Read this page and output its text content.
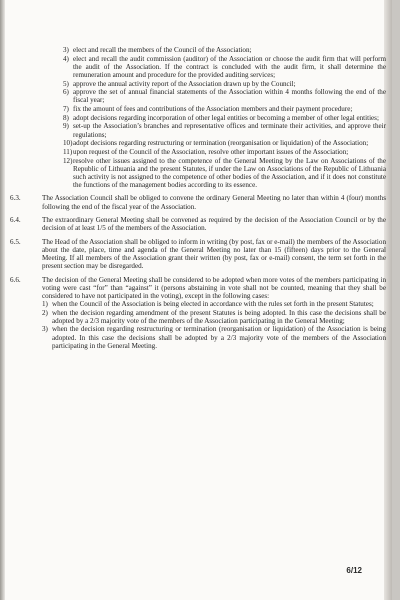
3) elect and recall the members of the Council of the Association;
4) elect and recall the audit commission (auditor) of the Association or choose the audit firm that will perform the audit of the Association. If the contract is concluded with the audit firm, it shall determine the remuneration amount and procedure for the provided auditing services;
5) approve the annual activity report of the Association drawn up by the Council;
6) approve the set of annual financial statements of the Association within 4 months following the end of the fiscal year;
7) fix the amount of fees and contributions of the Association members and their payment procedure;
8) adopt decisions regarding incorporation of other legal entities or becoming a member of other legal entities;
9) set-up the Association’s branches and representative offices and terminate their activities, and approve their regulations;
10) adopt decisions regarding restructuring or termination (reorganisation or liquidation) of the Association;
11) upon request of the Council of the Association, resolve other important issues of the Association;
12) resolve other issues assigned to the competence of the General Meeting by the Law on Associations of the Republic of Lithuania and the present Statutes, if under the Law on Associations of the Republic of Lithuania such activity is not assigned to the competence of other bodies of the Association, and if it does not constitute the functions of the management bodies according to its essence.
6.3.	The Association Council shall be obliged to convene the ordinary General Meeting no later than within 4 (four) months following the end of the fiscal year of the Association.
6.4.	The extraordinary General Meeting shall be convened as required by the decision of the Association Council or by the decision of at least 1/5 of the members of the Association.
6.5.	The Head of the Association shall be obliged to inform in writing (by post, fax or e-mail) the members of the Association about the date, place, time and agenda of the General Meeting no later than 15 (fifteen) days prior to the General Meeting. If all members of the Association grant their written (by post, fax or e-mail) consent, the term set forth in the present section may be disregarded.
6.6.	The decision of the General Meeting shall be considered to be adopted when more votes of the members participating in voting were cast “for” than “against” it (persons abstaining in vote shall not be counted, meaning that they shall be considered to have not participated in the voting), except in the following cases:
1) when the Council of the Association is being elected in accordance with the rules set forth in the present Statutes;
2) when the decision regarding amendment of the present Statutes is being adopted. In this case the decisions shall be adopted by a 2/3 majority vote of the members of the Association participating in the General Meeting;
3) when the decision regarding restructuring or termination (reorganisation or liquidation) of the Association is being adopted. In this case the decisions shall be adopted by a 2/3 majority vote of the members of the Association participating in the General Meeting.
6/12
